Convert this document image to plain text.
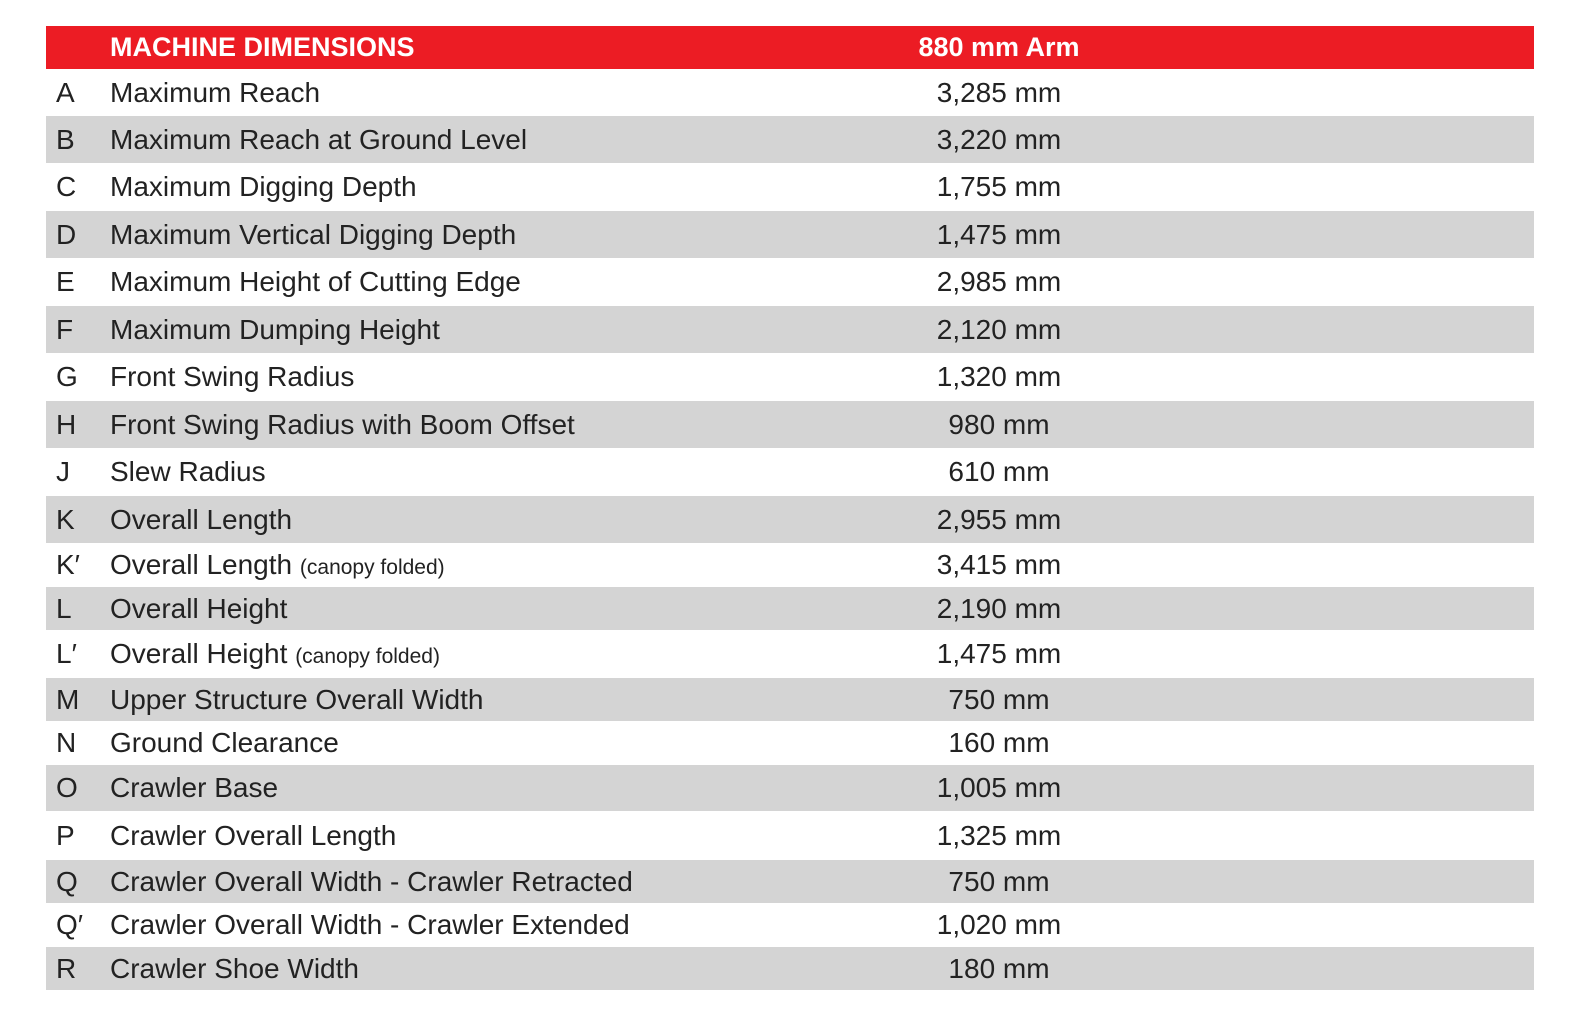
MACHINE DIMENSIONS	880 mm Arm
A Maximum Reach	3,285 mm
B Maximum Reach at Ground Level	3,220 mm
C Maximum Digging Depth	1,755 mm
D Maximum Vertical Digging Depth	1,475 mm
E Maximum Height of Cutting Edge	2,985 mm
F Maximum Dumping Height	2,120 mm
G Front Swing Radius	1,320 mm
H Front Swing Radius with Boom Offset	980 mm
J Slew Radius	610 mm
K Overall Length	2,955 mm
K′ Overall Length (canopy folded)	3,415 mm
L Overall Height	2,190 mm
L′ Overall Height (canopy folded)	1,475 mm
M Upper Structure Overall Width	750 mm
N Ground Clearance	160 mm
O Crawler Base	1,005 mm
P Crawler Overall Length	1,325 mm
Q Crawler Overall Width - Crawler Retracted	750 mm
Q′ Crawler Overall Width - Crawler Extended	1,020 mm
R Crawler Shoe Width	180 mm
